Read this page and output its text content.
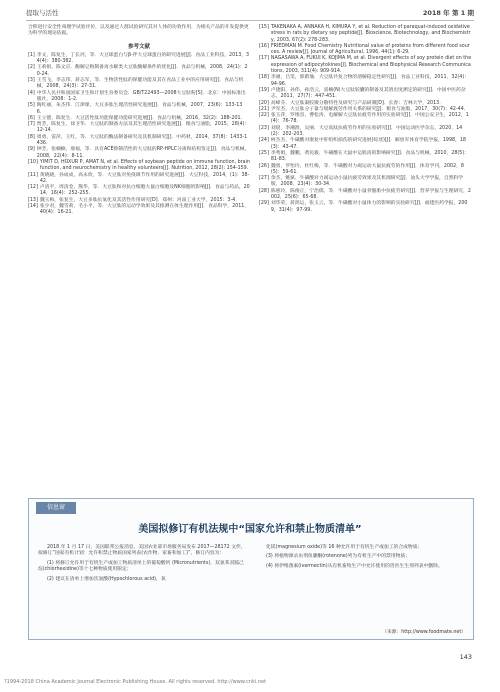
提取与活性	2018 年 第 1 期

合称进行安全性毒理学试验评价，以及通过人群试验研究其对人体的功效作用，为相关产品的开发提供更为科学的理论依据。

参考文献
[1] 李文，陈复生，丁长河，等．大豆球蛋白与β-伴大豆球蛋白的研究进展[J]．食品工业科技，2013，34(4)：380-382．
[2] 王莉娟，陈文京．酶解豆粕制备再水解类大豆肽酶解条件的优化[J]．食品与机械，2008，24(1)：20-24．
[3] 王雪飞，李志伟，蒋志军，等．生物活性肽的保健功能及其在食品工业中的应用研究[J]．食品与机械，2008，24(3)：27-31．
[4] 中华人民共和国国家卫生和计划生育委员会．GB/T22493—2008大豆肽粉[S]．北京：中国标准出版社，2008：1-2．
[5] 陶红丽，朱杰伟．江津课，大豆多肽生理活性研究进展[J]．食品与机械，2007，23(6)：133-136．
[6] 王立德，陈复生．大豆活性肽功能保健功能研究进展[J]．食品与机械，2016，32(2)：188-201．
[7] 贾芳，陈复生，徐卫华．大豆肽的制备方法及其生理活性研究进展[J]．粮食与油脂，2015，28(4)：12-14．
[8] 周勇，雷萍，王红，等．大豆肽的酶法制备研究及其机制研究[J]．中药材，2014，37(8)：1433-1436．
[9] 钟芳，张楠楠，康福，等．具有ACE抑制活性的大豆肽的RP-HPLC分离和结构鉴定[J]．食品与机械，2008，22(4)：8-11．
[10] YIMIT D, HOXUR P, AMAT N, et al. Effects of soybean peptide on immune function, brain function, and neurochemistry in healthy volunteers[J]. Nutrition, 2012, 28(2): 154-159.
[11] 黄晓晓，孙成成，高永欣，等．大豆肽对免疫调节作用的研究进展[J]．大豆科技，2014，(1)：38-42．
[12] 卢清平，周清金，熊华，等．大豆肽和对抗白细胞大鼠白细胞及NK细胞的影响[J]．食品与药品，2014，16(4)：252-255．
[13] 魏玉梅，张复生，大豆多肽抗氧化及其活性作用研究[D]．郑州：河南工业大学，2015：3-4．
[14] 张少君，魏雪莉，毛小平，等．大豆肽的运动学效果及其推测在体生理作用[J]．食品科学，2011，40(4)：16-21．
[15] TAKENAKA A, ANNAKA H, KIMURA Y, et al. Reduction of paraquat-induced oxidative stress in rats by dietary soy peptide[J]. Bioscience, Biotechnology, and Biochemistry, 2003, 67(2): 278-283.
[16] FRIEDMAN M. Food Chemistry Nutritional value of proteins from different food sources. A review[J]. Journal of Agricultural, 1996, 44(1): 6-29.
[17] NAGASAWA A, FUKUI K, KOJIMA M, et al. Divergent effects of soy protein diet on the expression of adipocytokines[J]. Biochemical and Biophysical Research Communications, 2003, 311(4): 909-914.
[18] 李涵，吕雯，郭蔚瑜．大豆肽共复合物的溶解稳定性研究[J]．食品工业科技，2011，32(4)：94-96．
[19] 卢捷阳，孙伟，孙浩云，富楠(N)大豆肽胶囊的制备及其溶出度测定的研究[J]．中国中医药杂志，2011，27(7)：447-451．
[20] 高峰芬．大豆肽凝胶微分散特性及研究与产品研制[D]．长春：吉林大学，2013．
[21] 尹军杰，大豆肽分子量与缓解渡劳作用关系的研究[J]．粮食与油脂，2017，30(7)：42-44．
[22] 张玉萍，罗维容，曹松涛，电解解大豆肽抗疲劳作用的实验研究[J]．中国公安卫生，2012，1(4)：76-78．
[23] 刘晨，李湘淮，吴丽．大豆高肽抗疲劳作用的实验研究[J]．中国运动医学杂志，2020，14(2)：202-203．
[24] 柯杰杰，牛磺酸对康复中肝组织损伤的研究进展(综述)[J]．解放军体育学院学报，1998，18(3)：43-47．
[25] 李秀娟，魏鹏，黄民毅．牛磺酸在大鼠中运肌肉的影响研究[J]．食品与机械，2010，28(5)：81-83．
[26] 魏勇，罗怡玲，杜红梅，等．牛磺酸对力竭运动大鼠抗疲劳的作用[J]．体育学刊，2002，8(5)：59-61．
[27] 余杰，姚斌．牛磺酸对力竭运动小鼠抗疲劳效果及其机理研究[J]．汕头大学学报，自然科学版，2008，23(4)：30-34．
[28] 陈惠玲，陈俊正，宁治儒，等．牛磺酸对小鼠骨骼肌中抗疲劳研究[J]．营养学报与生理研究，2002，25(6)：65-68．
[29] 刘华荣，蒋鸿运，张玉云，等．牛磺酸对小鼠体力的影响的实验研究[J]．福建医药学报，2009，31(4)：97-99．
信息窗
美国拟修订有机法规中“国家允许和禁止物质清单”

2018 年 1 月 17 日，美国联邦公报消息，美国农业部市场服务局发布 2017—28172 文件，拟修订“国家有机计划：允许和禁止物质国家列表(农作物、家畜和加工)”，修订内容为：

(1) 将修订允许用于有机生产或加工物质清单上的葡萄酸钙 (Micronutrients)，双氯苯双胍己烷(chlorhexidine)等十七种物质使用限定；

(2) 建议在清单上增加次氯酸(Hypochlorous acid)，氧

化镁(magnesium oxide)等 16 种允许用于有机生产或加工的合成物质；

(3) 将植物源杀虫剂鱼藤酮(rotenone)列为有机生产中的禁用物质；

(4) 将伊维菌素(ivermectin)从有机畜牧生产中允许使用的兽医生生剂列表中删除。

（来源：http://www.foodmate.net）
143
?1994-2018 China Academic Journal Electronic Publishing House. All rights reserved. http://www.cnki.net
